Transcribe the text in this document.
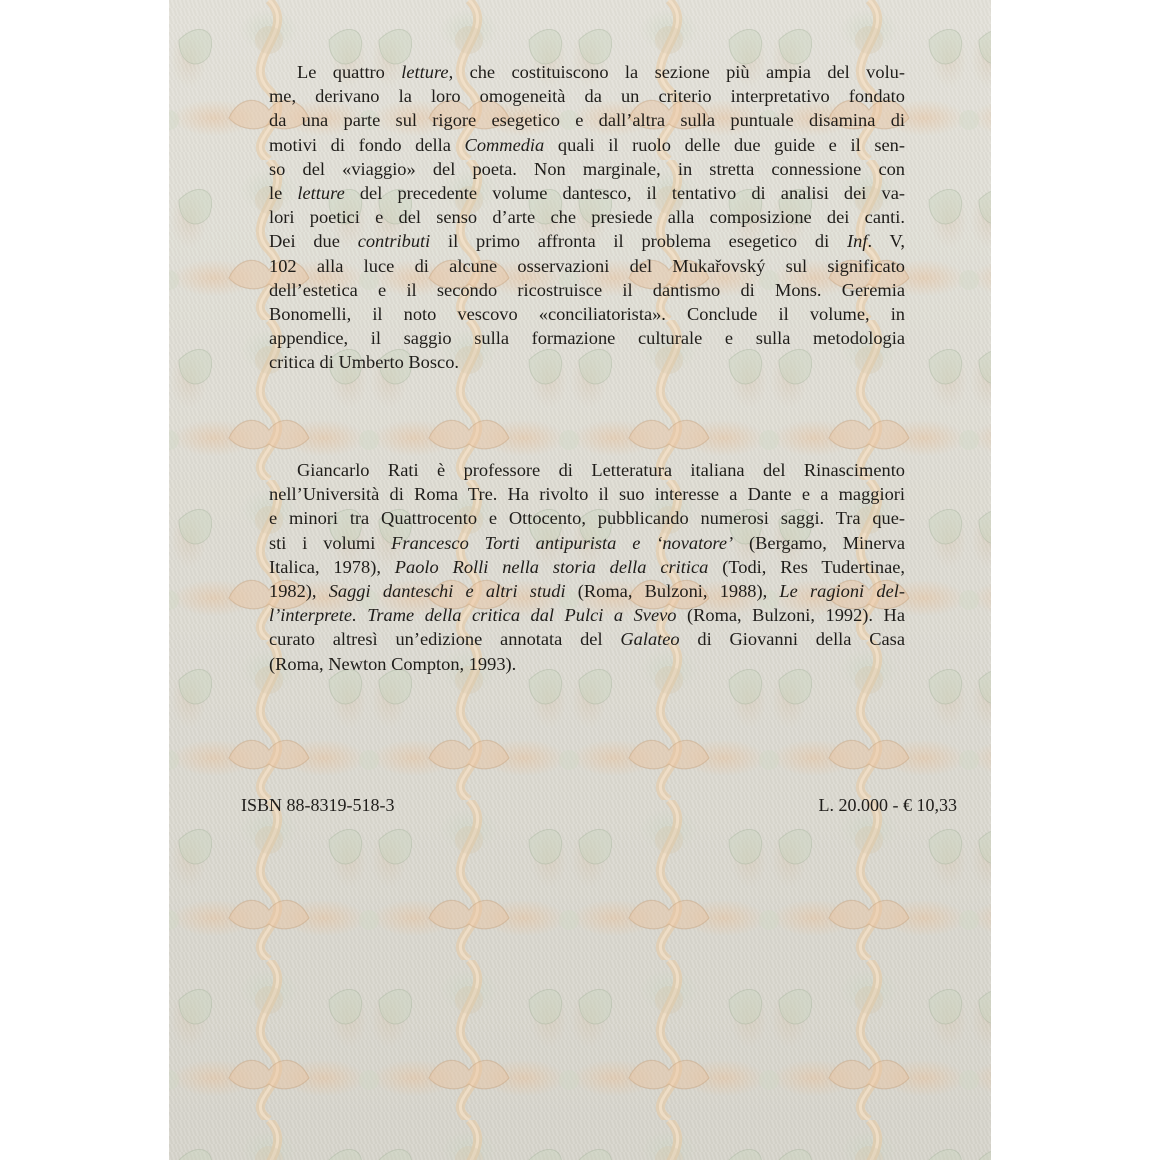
Le quattro letture, che costituiscono la sezione più ampia del volu-
me, derivano la loro omogeneità da un criterio interpretativo fondato
da una parte sul rigore esegetico e dall’altra sulla puntuale disamina di
motivi di fondo della Commedia quali il ruolo delle due guide e il sen-
so del «viaggio» del poeta. Non marginale, in stretta connessione con
le letture del precedente volume dantesco, il tentativo di analisi dei va-
lori poetici e del senso d’arte che presiede alla composizione dei canti.
Dei due contributi il primo affronta il problema esegetico di Inf. V,
102 alla luce di alcune osservazioni del Mukařovský sul significato
dell’estetica e il secondo ricostruisce il dantismo di Mons. Geremia
Bonomelli, il noto vescovo «conciliatorista». Conclude il volume, in
appendice, il saggio sulla formazione culturale e sulla metodologia
critica di Umberto Bosco.
Giancarlo Rati è professore di Letteratura italiana del Rinascimento
nell’Università di Roma Tre. Ha rivolto il suo interesse a Dante e a maggiori
e minori tra Quattrocento e Ottocento, pubblicando numerosi saggi. Tra que-
sti i volumi Francesco Torti antipurista e ‘novatore’ (Bergamo, Minerva
Italica, 1978), Paolo Rolli nella storia della critica (Todi, Res Tudertinae,
1982), Saggi danteschi e altri studi (Roma, Bulzoni, 1988), Le ragioni del-
l’interprete. Trame della critica dal Pulci a Svevo (Roma, Bulzoni, 1992). Ha
curato altresì un’edizione annotata del Galateo di Giovanni della Casa
(Roma, Newton Compton, 1993).

ISBN 88-8319-518-3	L. 20.000 - € 10,33
